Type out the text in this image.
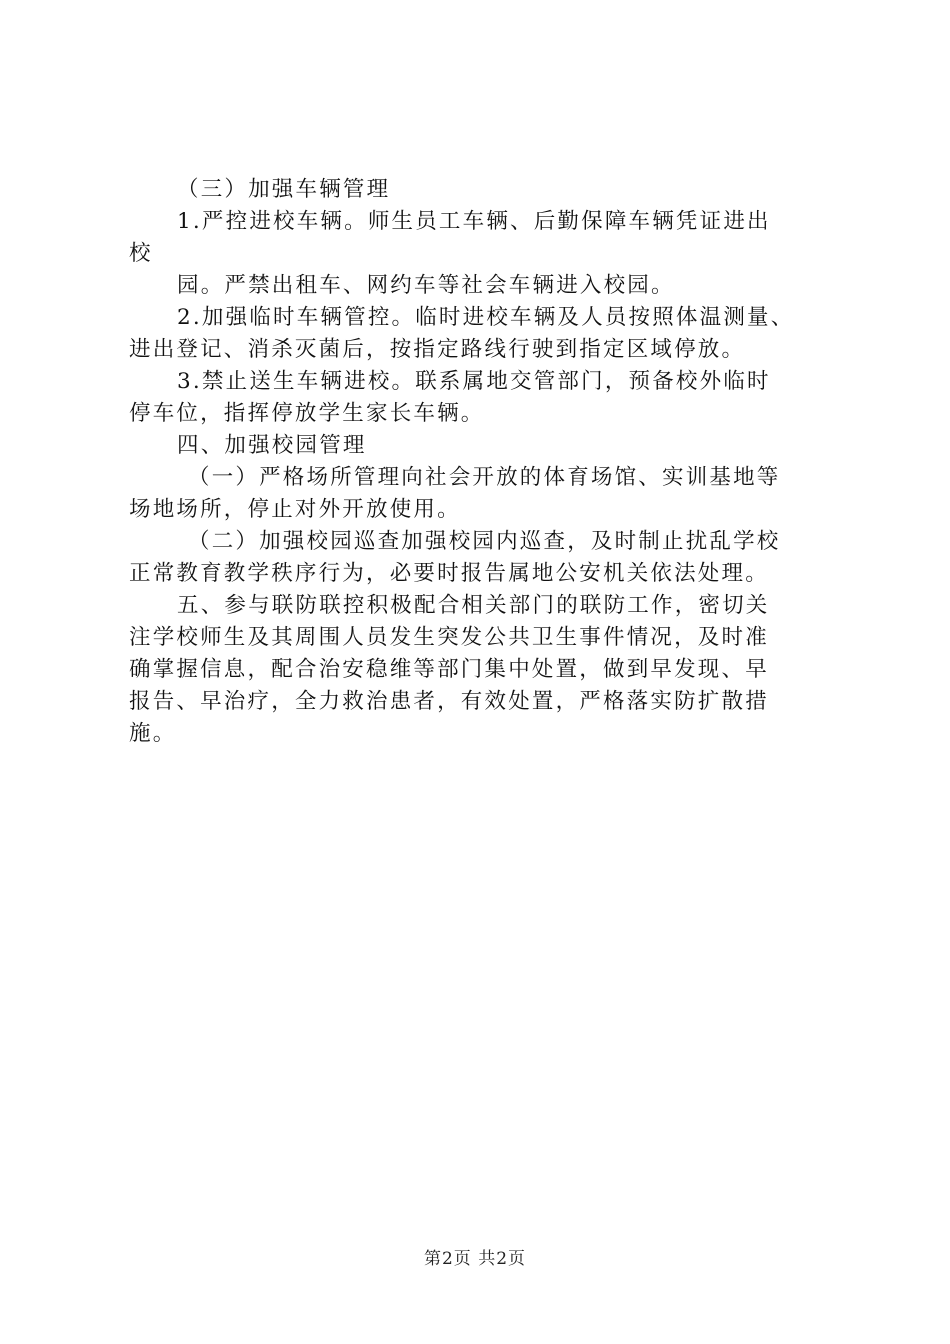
（三）加强车辆管理
1.严控进校车辆。师生员工车辆、后勤保障车辆凭证进出
校
园。严禁出租车、网约车等社会车辆进入校园。
2.加强临时车辆管控。临时进校车辆及人员按照体温测量、
进出登记、消杀灭菌后，按指定路线行驶到指定区域停放。
3.禁止送生车辆进校。联系属地交管部门，预备校外临时
停车位，指挥停放学生家长车辆。
四、加强校园管理
（一）严格场所管理向社会开放的体育场馆、实训基地等
场地场所，停止对外开放使用。
（二）加强校园巡查加强校园内巡查，及时制止扰乱学校
正常教育教学秩序行为，必要时报告属地公安机关依法处理。
五、参与联防联控积极配合相关部门的联防工作，密切关
注学校师生及其周围人员发生突发公共卫生事件情况，及时准
确掌握信息，配合治安稳维等部门集中处置，做到早发现、早
报告、早治疗，全力救治患者，有效处置，严格落实防扩散措
施。
第2页 共2页
